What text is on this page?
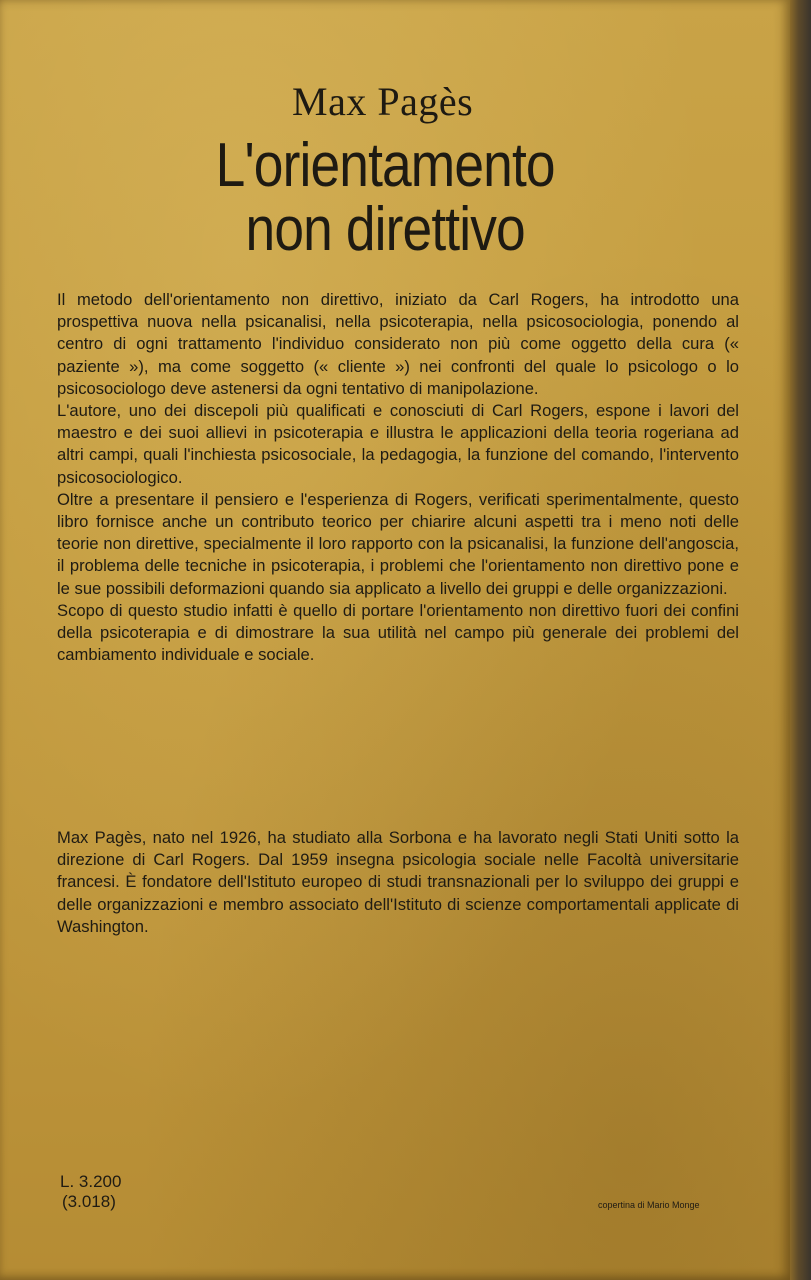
Max Pagès
L'orientamento
non direttivo

Il metodo dell'orientamento non direttivo, iniziato da Carl Rogers, ha introdotto una prospettiva nuova nella psicanalisi, nella psicoterapia, nella psicosociologia, ponendo al centro di ogni trattamento l'individuo considerato non più come oggetto della cura (« paziente »), ma come soggetto (« cliente ») nei confronti del quale lo psicologo o lo psicosociologo deve astenersi da ogni tentativo di manipolazione.

L'autore, uno dei discepoli più qualificati e conosciuti di Carl Rogers, espone i lavori del maestro e dei suoi allievi in psicoterapia e illustra le applicazioni della teoria rogeriana ad altri campi, quali l'inchiesta psicosociale, la pedagogia, la funzione del comando, l'intervento psicosociologico.

Oltre a presentare il pensiero e l'esperienza di Rogers, verificati sperimentalmente, questo libro fornisce anche un contributo teorico per chiarire alcuni aspetti tra i meno noti delle teorie non direttive, specialmente il loro rapporto con la psicanalisi, la funzione dell'angoscia, il problema delle tecniche in psicoterapia, i problemi che l'orientamento non direttivo pone e le sue possibili deformazioni quando sia applicato a livello dei gruppi e delle organizzazioni.

Scopo di questo studio infatti è quello di portare l'orientamento non direttivo fuori dei confini della psicoterapia e di dimostrare la sua utilità nel campo più generale dei problemi del cambiamento individuale e sociale.

Max Pagès, nato nel 1926, ha studiato alla Sorbona e ha lavorato negli Stati Uniti sotto la direzione di Carl Rogers. Dal 1959 insegna psicologia sociale nelle Facoltà universitarie francesi. È fondatore dell'Istituto europeo di studi transnazionali per lo sviluppo dei gruppi e delle organizzazioni e membro associato dell'Istituto di scienze comportamentali applicate di Washington.

L. 3.200
(3.018)	copertina di Mario Monge
